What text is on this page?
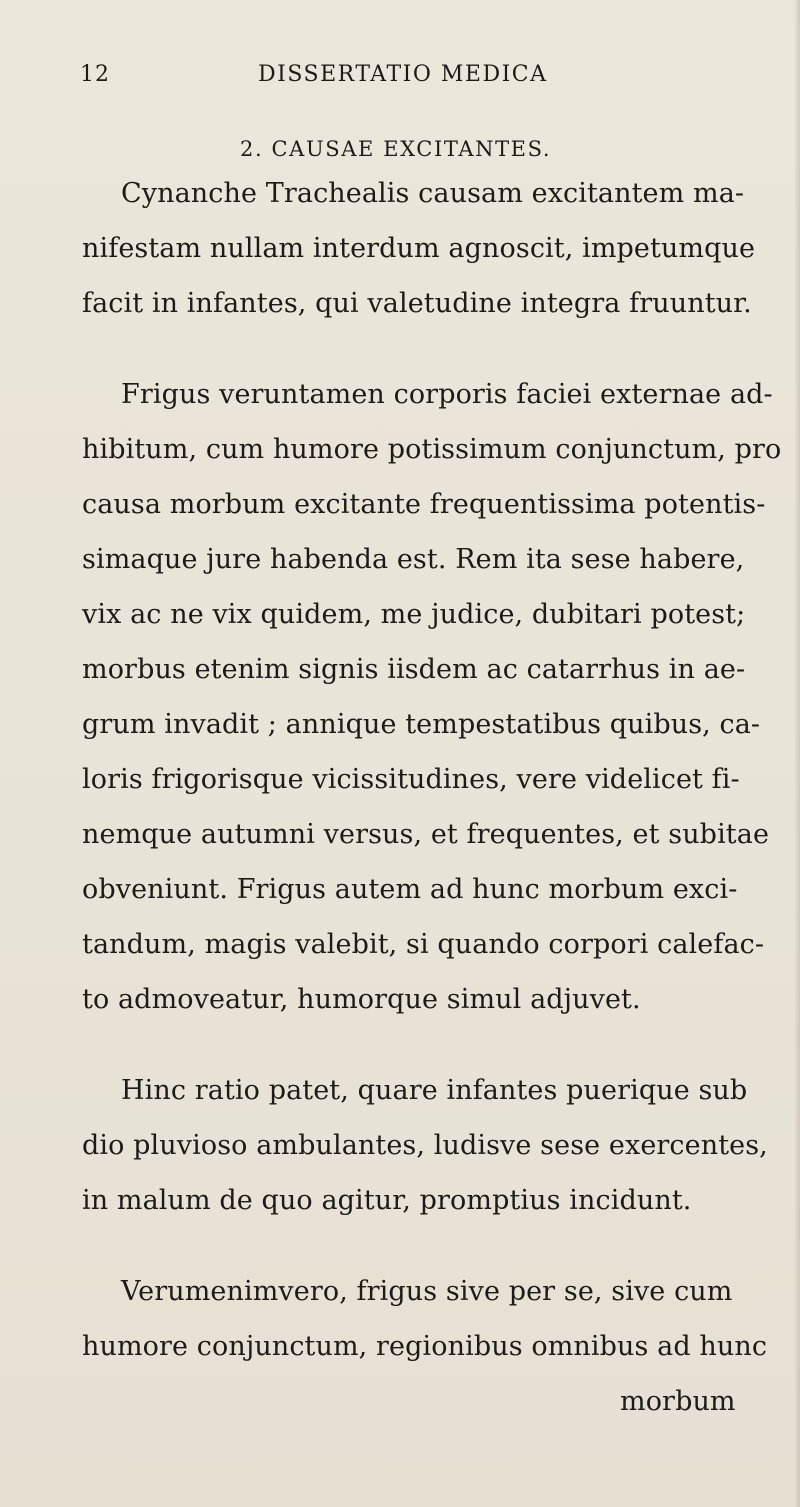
12	DISSERTATIO MEDICA
2. CAUSAE EXCITANTES.
Cynanche Trachealis causam excitantem ma-
nifestam nullam interdum agnoscit, impetumque
facit in infantes, qui valetudine integra fruuntur.
Frigus veruntamen corporis faciei externae ad-
hibitum, cum humore potissimum conjunctum, pro
causa morbum excitante frequentissima potentis-
simaque jure habenda est. Rem ita sese habere,
vix ac ne vix quidem, me judice, dubitari potest;
morbus etenim signis iisdem ac catarrhus in ae-
grum invadit ; annique tempestatibus quibus, ca-
loris frigorisque vicissitudines, vere videlicet fi-
nemque autumni versus, et frequentes, et subitae
obveniunt. Frigus autem ad hunc morbum exci-
tandum, magis valebit, si quando corpori calefac-
to admoveatur, humorque simul adjuvet.
Hinc ratio patet, quare infantes puerique sub
dio pluvioso ambulantes, ludisve sese exercentes,
in malum de quo agitur, promptius incidunt.
Verumenimvero, frigus sive per se, sive cum
humore conjunctum, regionibus omnibus ad hunc
morbum
